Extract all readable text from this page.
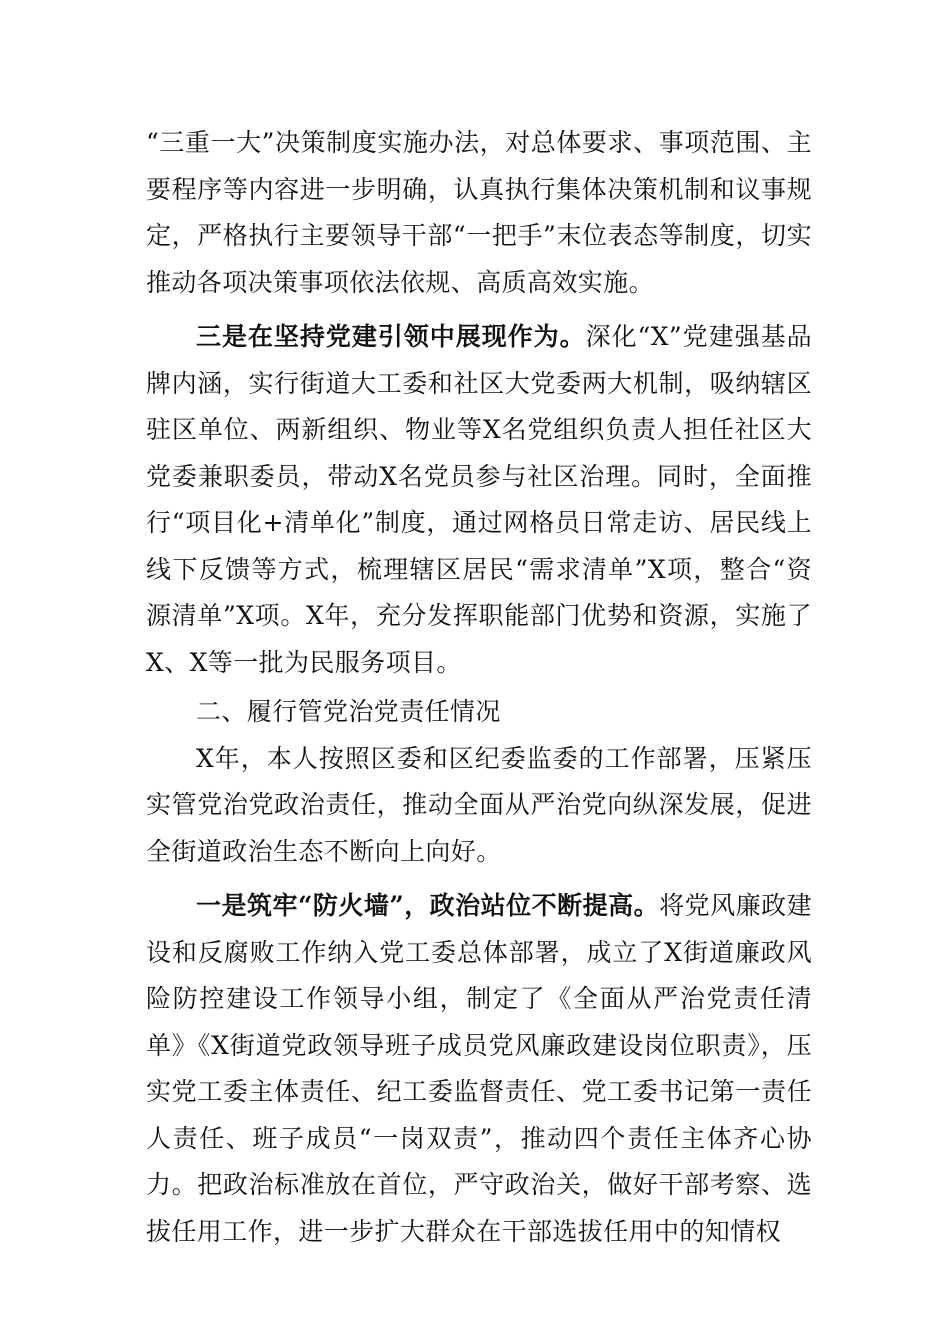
“三重一大”决策制度实施办法，对总体要求、事项范围、主要程序等内容进一步明确，认真执行集体决策机制和议事规定，严格执行主要领导干部“一把手”末位表态等制度，切实推动各项决策事项依法依规、高质高效实施。

三是在坚持党建引领中展现作为。深化“X”党建强基品牌内涵，实行街道大工委和社区大党委两大机制，吸纳辖区驻区单位、两新组织、物业等X名党组织负责人担任社区大党委兼职委员，带动X名党员参与社区治理。同时，全面推行“项目化+清单化”制度，通过网格员日常走访、居民线上线下反馈等方式，梳理辖区居民“需求清单”X项，整合“资源清单”X项。X年，充分发挥职能部门优势和资源，实施了X、X等一批为民服务项目。

二、履行管党治党责任情况

X年，本人按照区委和区纪委监委的工作部署，压紧压实管党治党政治责任，推动全面从严治党向纵深发展，促进全街道政治生态不断向上向好。

一是筑牢“防火墙”，政治站位不断提高。将党风廉政建设和反腐败工作纳入党工委总体部署，成立了X街道廉政风险防控建设工作领导小组，制定了《全面从严治党责任清单》《X街道党政领导班子成员党风廉政建设岗位职责》，压实党工委主体责任、纪工委监督责任、党工委书记第一责任人责任、班子成员“一岗双责”，推动四个责任主体齐心协力。把政治标准放在首位，严守政治关，做好干部考察、选拔任用工作，进一步扩大群众在干部选拔任用中的知情权
